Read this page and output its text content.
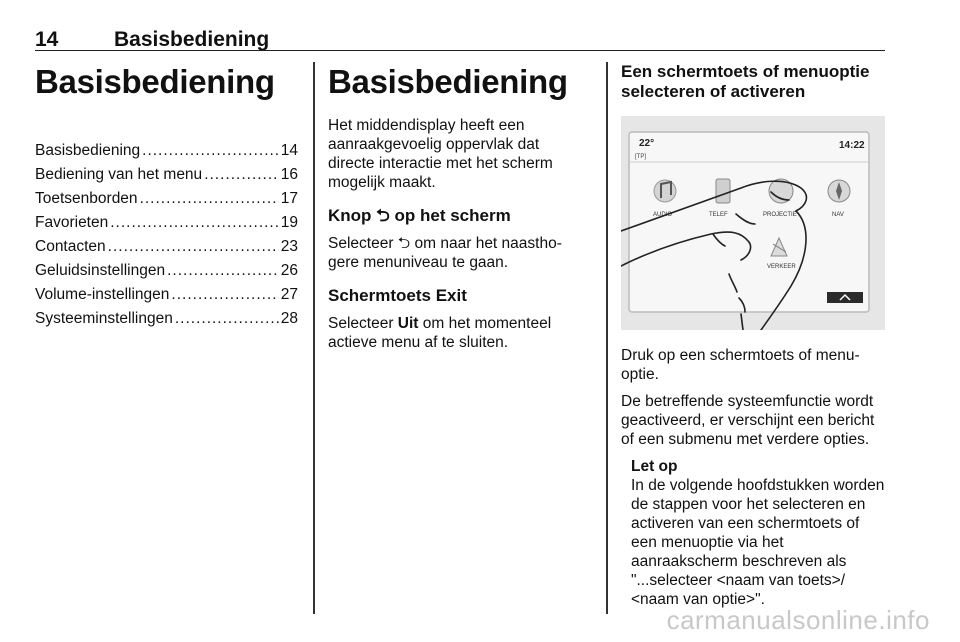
14	Basisbediening
Basisbediening
Basisbediening .....	14
Bediening van het menu .....	16
Toetsenborden .....	17
Favorieten .....	19
Contacten .....	23
Geluidsinstellingen .....	26
Volume-instellingen .....	27
Systeeminstellingen .....	28
Basisbediening

Het middendisplay heeft een aanraakgevoelig oppervlak dat directe interactie met het scherm mogelijk maakt.

Knop ⮌ op het scherm

Selecteer ⮌ om naar het naasthogere menuniveau te gaan.

Schermtoets Exit

Selecteer Uit om het momenteel actieve menu af te sluiten.

Een schermtoets of menuoptie selecteren of activeren
22°
[TP]
14:22
AUDIO	TELEF	PROJECTIE	NAV
VERKEER

Druk op een schermtoets of menuoptie.

De betreffende systeemfunctie wordt geactiveerd, er verschijnt een bericht of een submenu met verdere opties.

Let op

In de volgende hoofdstukken worden de stappen voor het selecteren en activeren van een schermtoets of een menuoptie via het aanraakscherm beschreven als "...selecteer <naam van toets>/ <naam van optie>".

carmanualsonline.info
